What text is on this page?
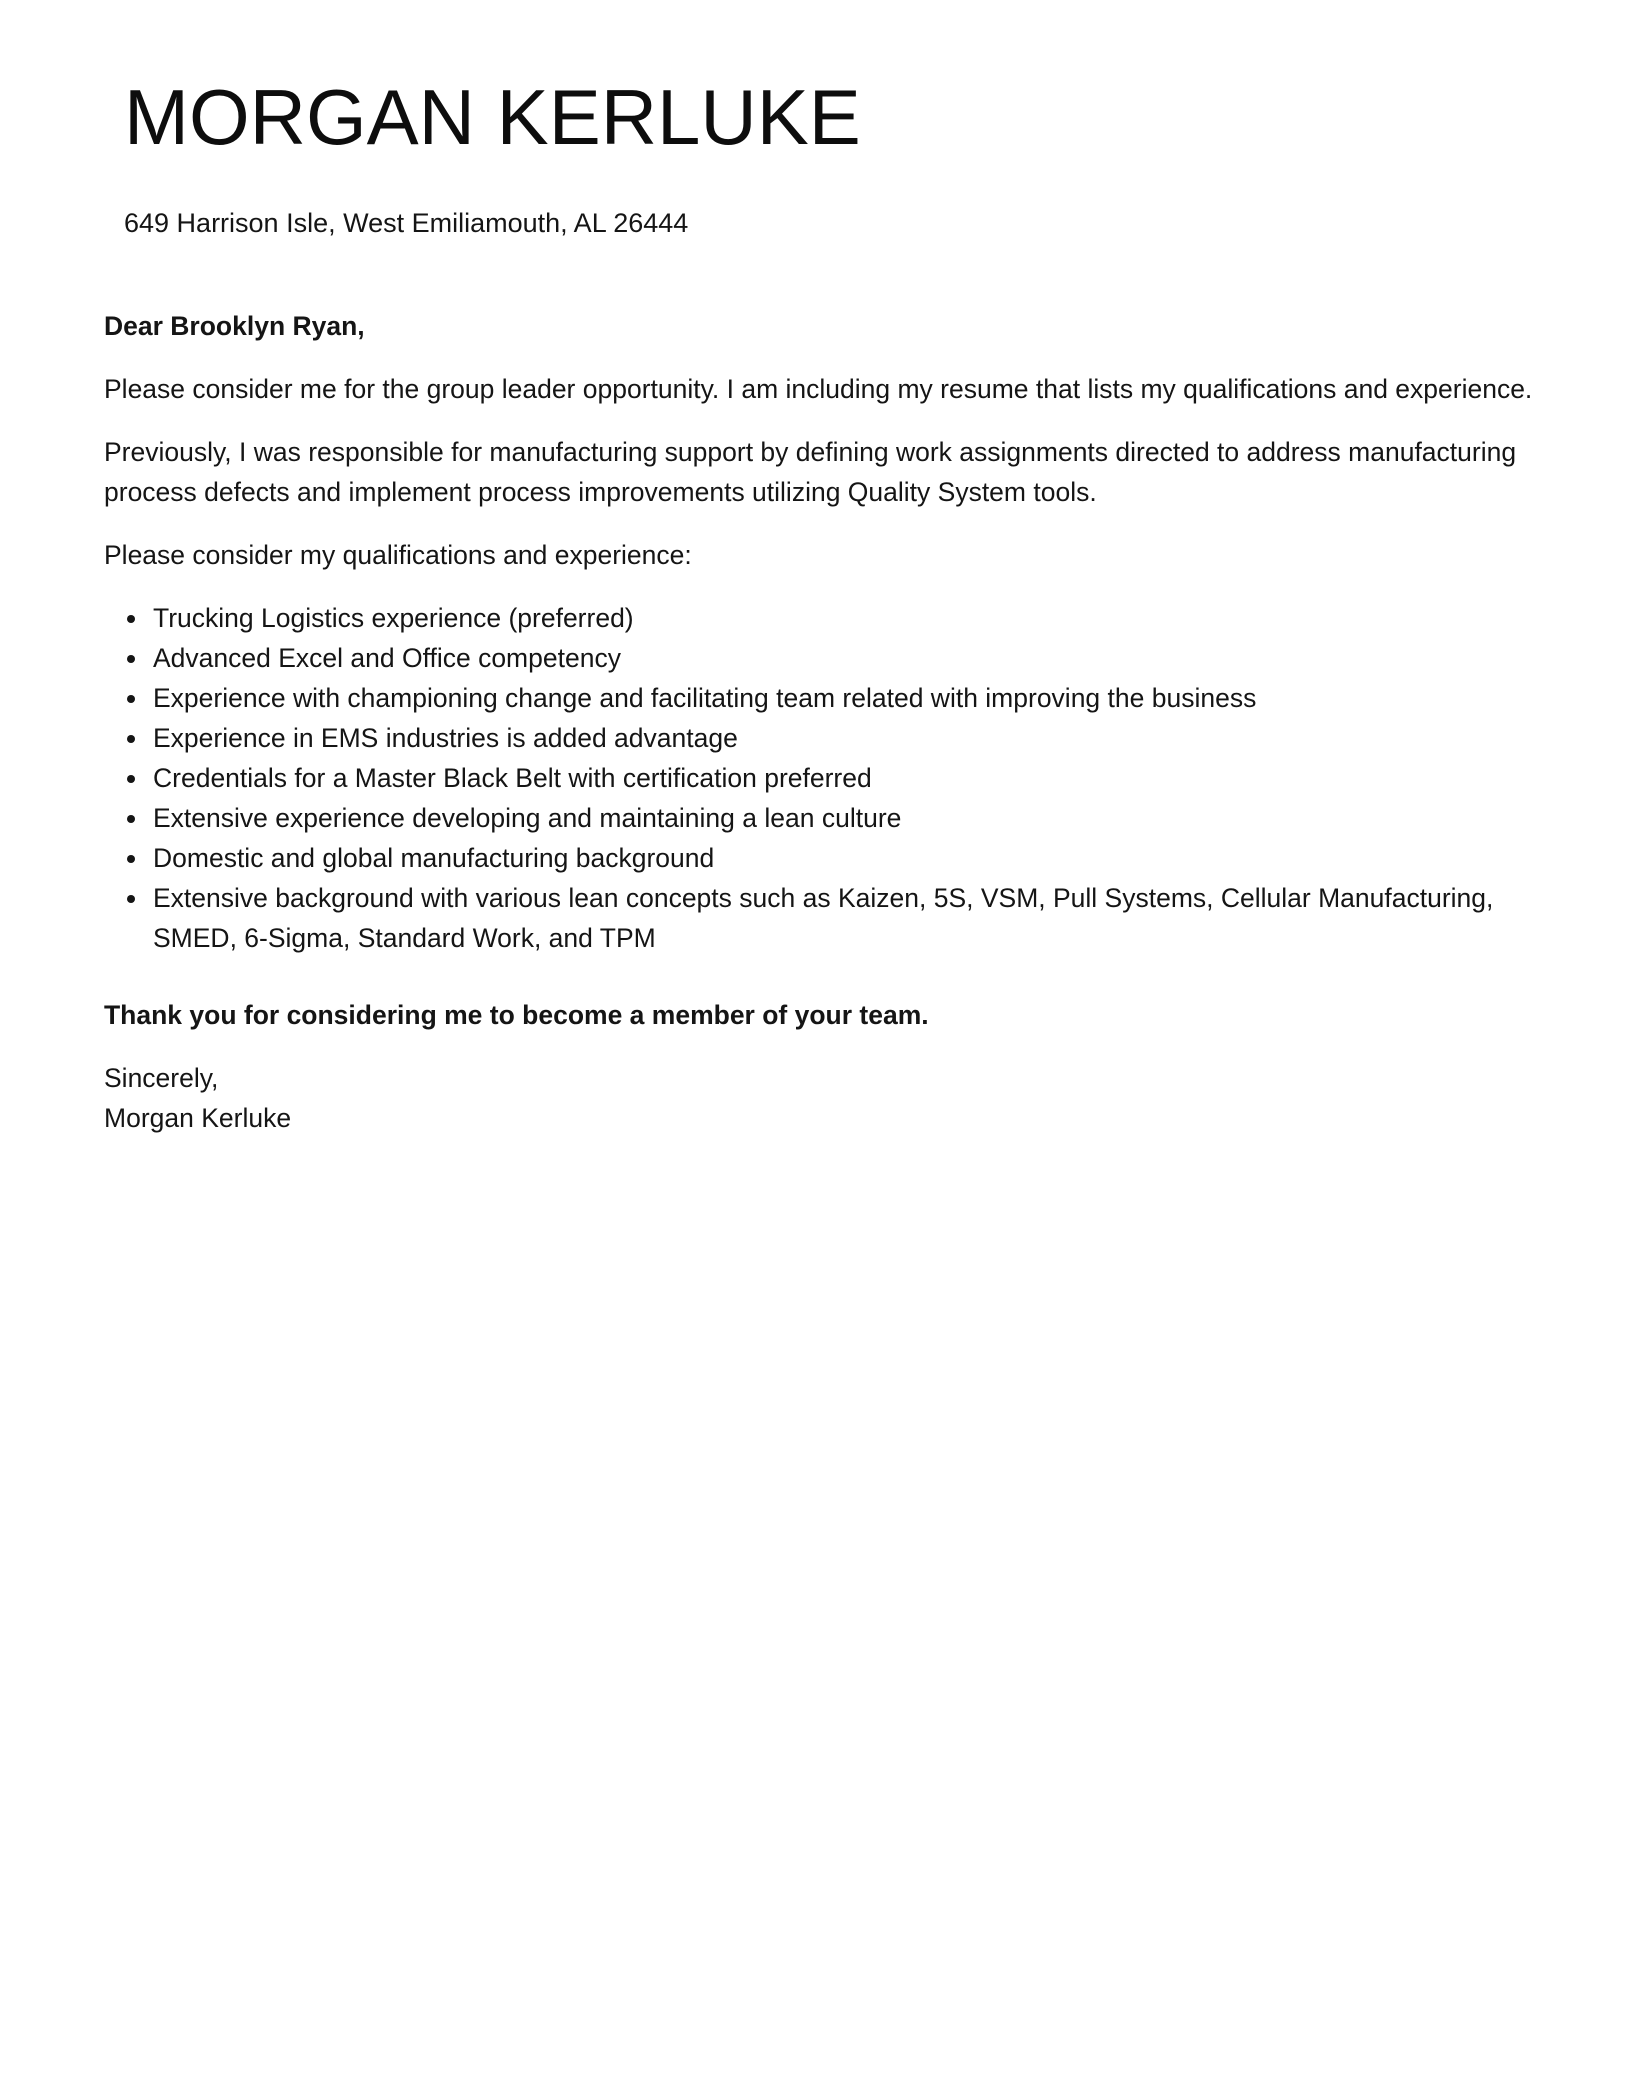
MORGAN KERLUKE
649 Harrison Isle, West Emiliamouth, AL 26444

Dear Brooklyn Ryan,

Please consider me for the group leader opportunity. I am including my resume that lists my qualifications and experience.

Previously, I was responsible for manufacturing support by defining work assignments directed to address manufacturing process defects and implement process improvements utilizing Quality System tools.

Please consider my qualifications and experience:

Trucking Logistics experience (preferred)
Advanced Excel and Office competency
Experience with championing change and facilitating team related with improving the business
Experience in EMS industries is added advantage
Credentials for a Master Black Belt with certification preferred
Extensive experience developing and maintaining a lean culture
Domestic and global manufacturing background
Extensive background with various lean concepts such as Kaizen, 5S, VSM, Pull Systems, Cellular Manufacturing, SMED, 6-Sigma, Standard Work, and TPM

Thank you for considering me to become a member of your team.

Sincerely,

Morgan Kerluke
